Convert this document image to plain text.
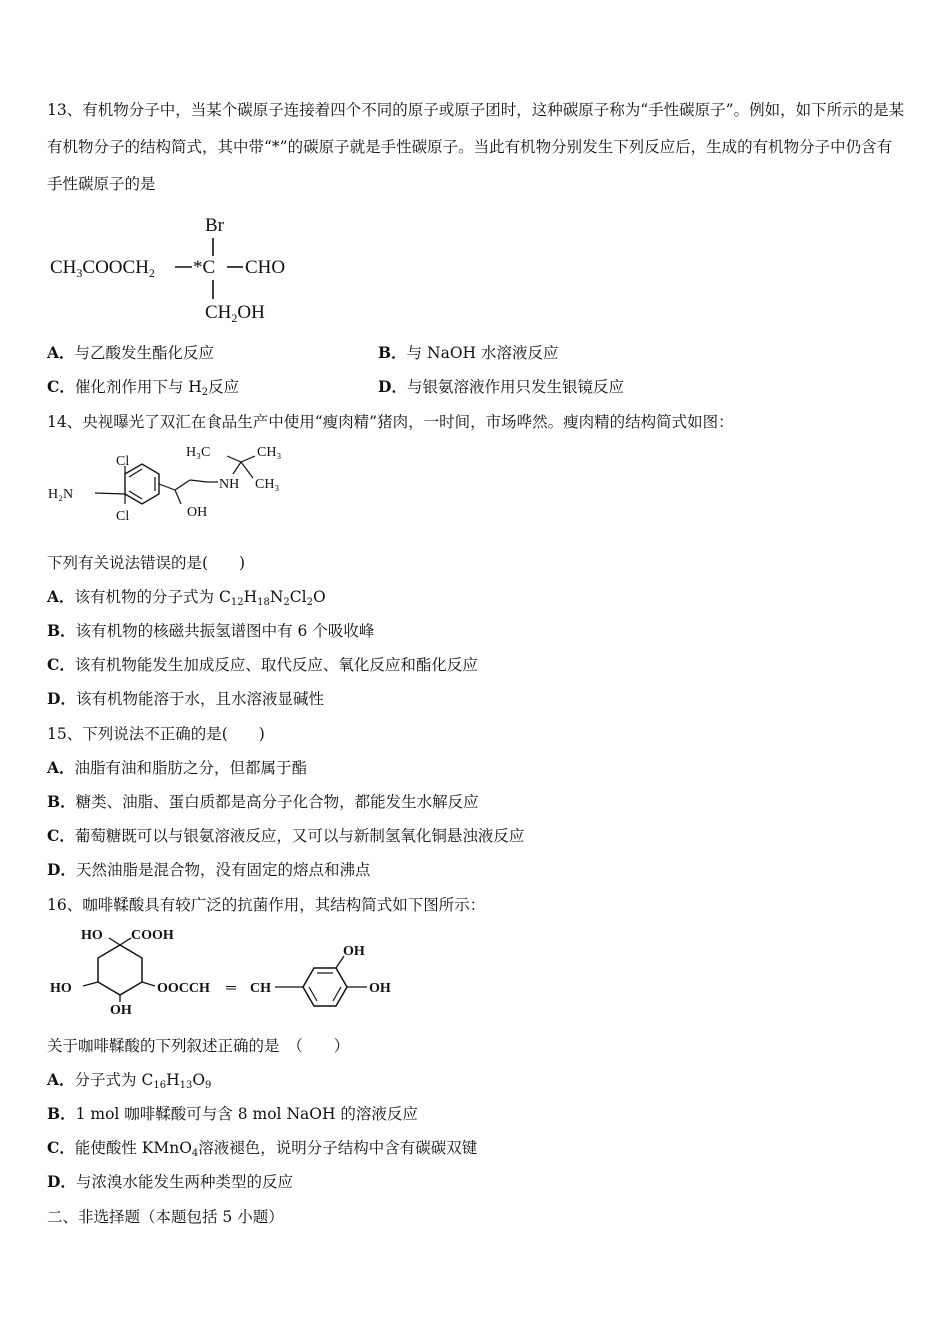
13、有机物分子中，当某个碳原子连接着四个不同的原子或原子团时，这种碳原子称为“手性碳原子”。例如，如下所示的是某有机物分子的结构简式，其中带“*”的碳原子就是手性碳原子。当此有机物分别发生下列反应后，生成的有机物分子中仍含有手性碳原子的是
Br
$CH_3COOCH_2$ *C CHO
$CH_2OH$
A．与乙酸发生酯化反应	B．与 NaOH 水溶液反应
C．催化剂作用下与 $H_2$反应	D．与银氨溶液作用只发生银镜反应
14、央视曝光了双汇在食品生产中使用“瘦肉精”猪肉，一时间，市场哗然。瘦肉精的结构简式如图：
Cl
Cl
H₂N
OH
NH
H₃C	CH₃
CH₃
下列有关说法错误的是(　　)
A．该有机物的分子式为 $C_{12}H_{18}N_2Cl_2O$
B．该有机物的核磁共振氢谱图中有 6 个吸收峰
C．该有机物能发生加成反应、取代反应、氧化反应和酯化反应
D．该有机物能溶于水，且水溶液显碱性
15、下列说法不正确的是(　　)
A．油脂有油和脂肪之分，但都属于酯
B．糖类、油脂、蛋白质都是高分子化合物，都能发生水解反应
C．葡萄糖既可以与银氨溶液反应，又可以与新制氢氧化铜悬浊液反应
D．天然油脂是混合物，没有固定的熔点和沸点
16、咖啡鞣酸具有较广泛的抗菌作用，其结构简式如下图所示：
HO COOH
HO
OH
OOCCH ═ CH
OH
OH
关于咖啡鞣酸的下列叙述正确的是　（　　）
A．分子式为 $C_{16}H_{13}O_9$
B．1 mol 咖啡鞣酸可与含 8 mol NaOH 的溶液反应
C．能使酸性 KMnO$_4$溶液褪色，说明分子结构中含有碳碳双键
D．与浓溴水能发生两种类型的反应
二、非选择题（本题包括 5 小题）
